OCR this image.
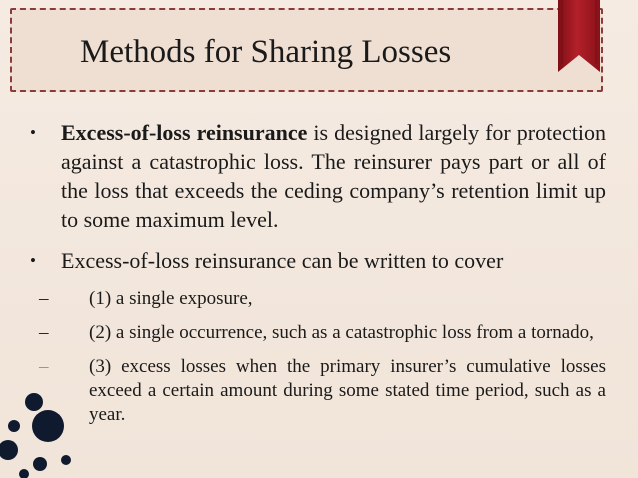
Methods for Sharing Losses
• Excess-of-loss reinsurance is designed largely for protection against a catastrophic loss. The reinsurer pays part or all of the loss that exceeds the ceding company’s retention limit up to some maximum level.
• Excess-of-loss reinsurance can be written to cover
– (1) a single exposure,
– (2) a single occurrence, such as a catastrophic loss from a tornado,
– (3) excess losses when the primary insurer’s cumulative losses exceed a certain amount during some stated time period, such as a year.
